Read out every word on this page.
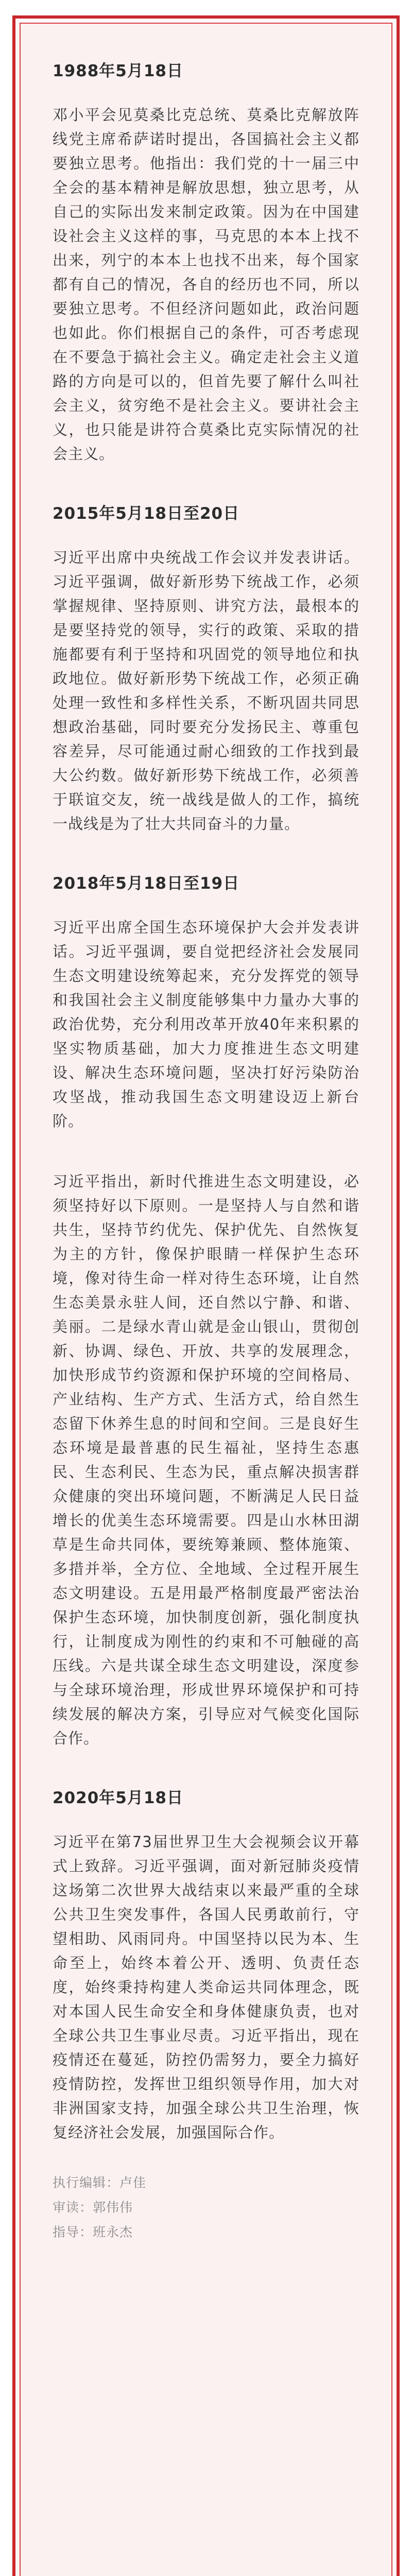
1988年5月18日

邓小平会见莫桑比克总统、莫桑比克解放阵线党主席希萨诺时提出，各国搞社会主义都要独立思考。他指出：我们党的十一届三中全会的基本精神是解放思想，独立思考，从自己的实际出发来制定政策。因为在中国建设社会主义这样的事，马克思的本本上找不出来，列宁的本本上也找不出来，每个国家都有自己的情况，各自的经历也不同，所以要独立思考。不但经济问题如此，政治问题也如此。你们根据自己的条件，可否考虑现在不要急于搞社会主义。确定走社会主义道路的方向是可以的，但首先要了解什么叫社会主义，贫穷绝不是社会主义。要讲社会主义，也只能是讲符合莫桑比克实际情况的社会主义。

2015年5月18日至20日

习近平出席中央统战工作会议并发表讲话。习近平强调，做好新形势下统战工作，必须掌握规律、坚持原则、讲究方法，最根本的是要坚持党的领导，实行的政策、采取的措施都要有利于坚持和巩固党的领导地位和执政地位。做好新形势下统战工作，必须正确处理一致性和多样性关系，不断巩固共同思想政治基础，同时要充分发扬民主、尊重包容差异，尽可能通过耐心细致的工作找到最大公约数。做好新形势下统战工作，必须善于联谊交友，统一战线是做人的工作，搞统一战线是为了壮大共同奋斗的力量。

2018年5月18日至19日

习近平出席全国生态环境保护大会并发表讲话。习近平强调，要自觉把经济社会发展同生态文明建设统筹起来，充分发挥党的领导和我国社会主义制度能够集中力量办大事的政治优势，充分利用改革开放40年来积累的坚实物质基础，加大力度推进生态文明建设、解决生态环境问题，坚决打好污染防治攻坚战，推动我国生态文明建设迈上新台阶。

习近平指出，新时代推进生态文明建设，必须坚持好以下原则。一是坚持人与自然和谐共生，坚持节约优先、保护优先、自然恢复为主的方针，像保护眼睛一样保护生态环境，像对待生命一样对待生态环境，让自然生态美景永驻人间，还自然以宁静、和谐、美丽。二是绿水青山就是金山银山，贯彻创新、协调、绿色、开放、共享的发展理念，加快形成节约资源和保护环境的空间格局、产业结构、生产方式、生活方式，给自然生态留下休养生息的时间和空间。三是良好生态环境是最普惠的民生福祉，坚持生态惠民、生态利民、生态为民，重点解决损害群众健康的突出环境问题，不断满足人民日益增长的优美生态环境需要。四是山水林田湖草是生命共同体，要统筹兼顾、整体施策、多措并举，全方位、全地域、全过程开展生态文明建设。五是用最严格制度最严密法治保护生态环境，加快制度创新，强化制度执行，让制度成为刚性的约束和不可触碰的高压线。六是共谋全球生态文明建设，深度参与全球环境治理，形成世界环境保护和可持续发展的解决方案，引导应对气候变化国际合作。

2020年5月18日

习近平在第73届世界卫生大会视频会议开幕式上致辞。习近平强调，面对新冠肺炎疫情这场第二次世界大战结束以来最严重的全球公共卫生突发事件，各国人民勇敢前行，守望相助、风雨同舟。中国坚持以民为本、生命至上，始终本着公开、透明、负责任态度，始终秉持构建人类命运共同体理念，既对本国人民生命安全和身体健康负责，也对全球公共卫生事业尽责。习近平指出，现在疫情还在蔓延，防控仍需努力，要全力搞好疫情防控，发挥世卫组织领导作用，加大对非洲国家支持，加强全球公共卫生治理，恢复经济社会发展，加强国际合作。

执行编辑：卢佳
审读：郭伟伟
指导：班永杰
